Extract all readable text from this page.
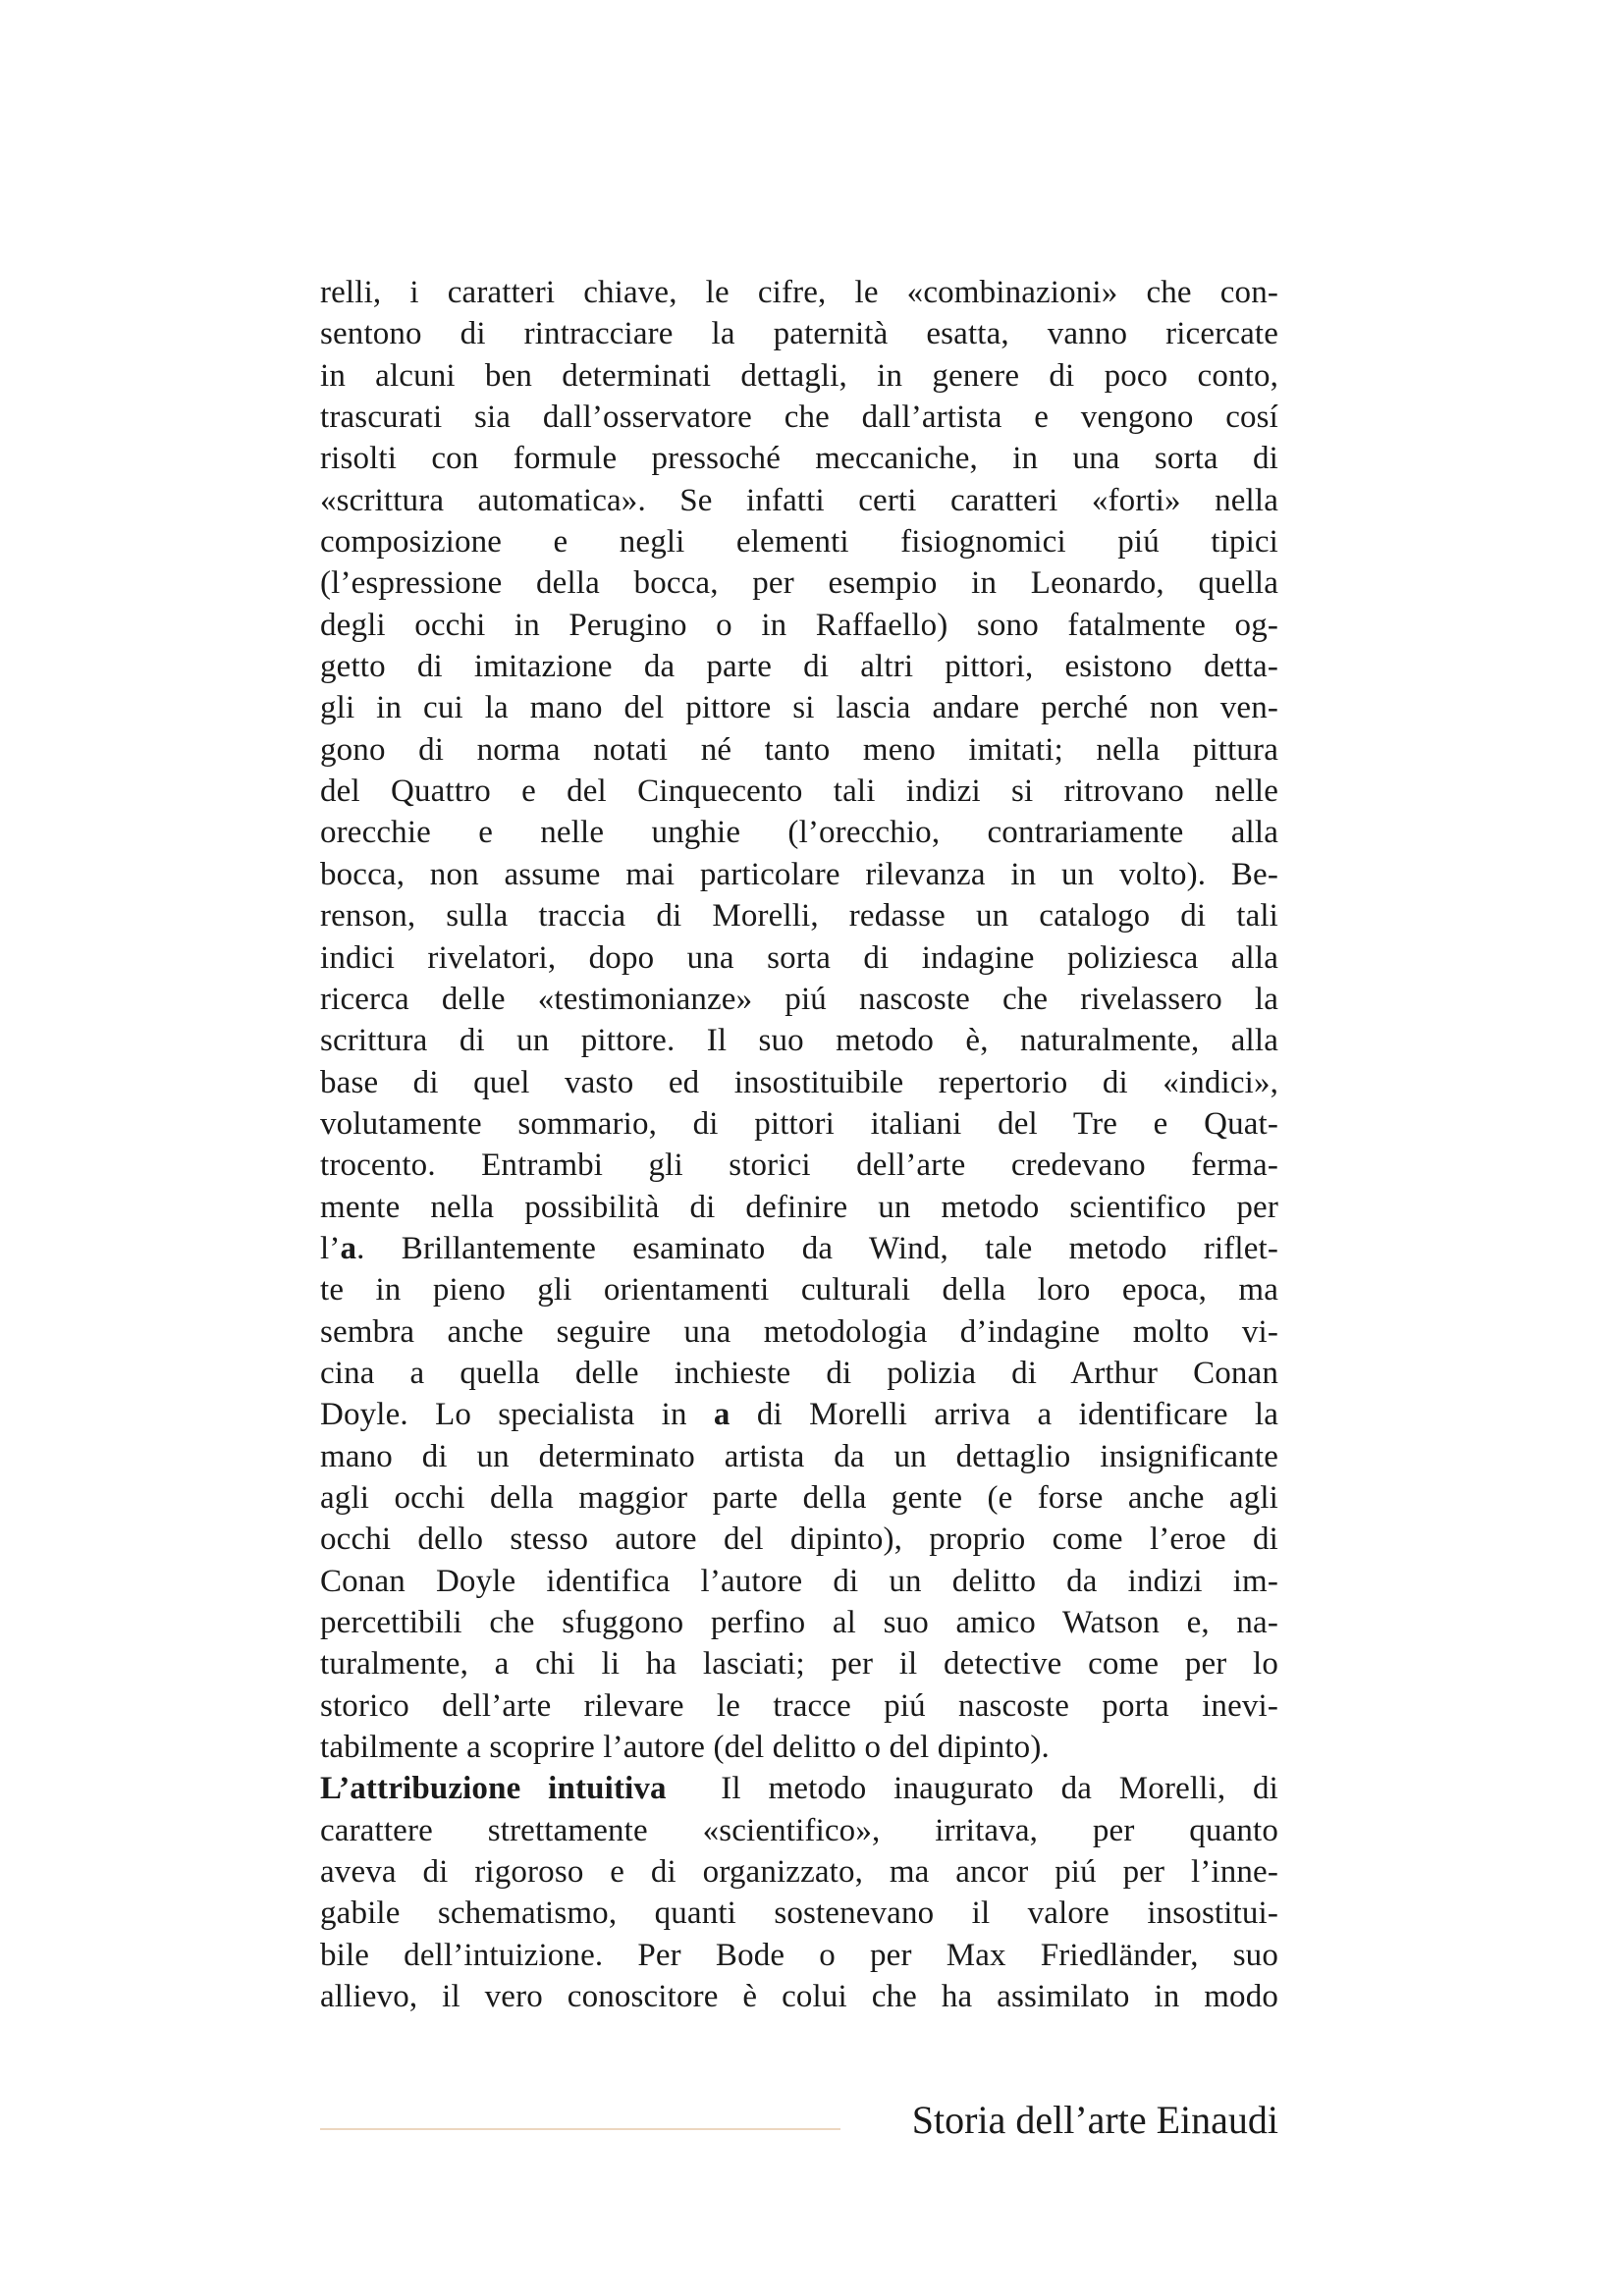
relli, i caratteri chiave, le cifre, le «combinazioni» che con-
sentono di rintracciare la paternità esatta, vanno ricercate
in alcuni ben determinati dettagli, in genere di poco conto,
trascurati sia dall’osservatore che dall’artista e vengono cosí
risolti con formule pressoché meccaniche, in una sorta di
«scrittura automatica». Se infatti certi caratteri «forti» nella
composizione e negli elementi fisiognomici piú tipici
(l’espressione della bocca, per esempio in Leonardo, quella
degli occhi in Perugino o in Raffaello) sono fatalmente og-
getto di imitazione da parte di altri pittori, esistono detta-
gli in cui la mano del pittore si lascia andare perché non ven-
gono di norma notati né tanto meno imitati; nella pittura
del Quattro e del Cinquecento tali indizi si ritrovano nelle
orecchie e nelle unghie (l’orecchio, contrariamente alla
bocca, non assume mai particolare rilevanza in un volto). Be-
renson, sulla traccia di Morelli, redasse un catalogo di tali
indici rivelatori, dopo una sorta di indagine poliziesca alla
ricerca delle «testimonianze» piú nascoste che rivelassero la
scrittura di un pittore. Il suo metodo è, naturalmente, alla
base di quel vasto ed insostituibile repertorio di «indici»,
volutamente sommario, di pittori italiani del Tre e Quat-
trocento. Entrambi gli storici dell’arte credevano ferma-
mente nella possibilità di definire un metodo scientifico per
l’a. Brillantemente esaminato da Wind, tale metodo riflet-
te in pieno gli orientamenti culturali della loro epoca, ma
sembra anche seguire una metodologia d’indagine molto vi-
cina a quella delle inchieste di polizia di Arthur Conan
Doyle. Lo specialista in a di Morelli arriva a identificare la
mano di un determinato artista da un dettaglio insignificante
agli occhi della maggior parte della gente (e forse anche agli
occhi dello stesso autore del dipinto), proprio come l’eroe di
Conan Doyle identifica l’autore di un delitto da indizi im-
percettibili che sfuggono perfino al suo amico Watson e, na-
turalmente, a chi li ha lasciati; per il detective come per lo
storico dell’arte rilevare le tracce piú nascoste porta inevi-
tabilmente a scoprire l’autore (del delitto o del dipinto).
L’attribuzione intuitiva  Il metodo inaugurato da Morelli, di
carattere strettamente «scientifico», irritava, per quanto
aveva di rigoroso e di organizzato, ma ancor piú per l’inne-
gabile schematismo, quanti sostenevano il valore insostitui-
bile dell’intuizione. Per Bode o per Max Friedländer, suo
allievo, il vero conoscitore è colui che ha assimilato in modo
Storia dell’arte Einaudi
